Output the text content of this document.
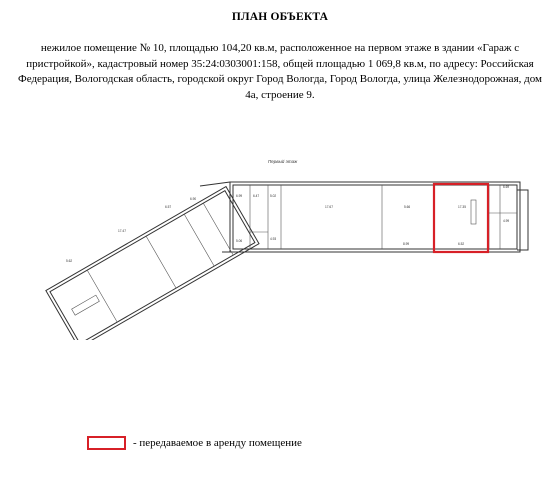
ПЛАН ОБЪЕКТА
нежилое помещение № 10, площадью 104,20 кв.м, расположенное на первом этаже в здании «Гараж с пристройкой», кадастровый номер 35:24:0303001:158, общей площадью 1 069,8 кв.м, по адресу: Российская Федерация, Вологодская область, городской округ Город Вологда, Город Вологда, улица Железнодорожная, дом 4а, строение 9.
Первый этаж
6.99	6.47	5.02
17.67
5.06	4.93
5.66	17.35
6.69
4.99
17.47
6.57
6.90
5.62
6.52
8.99
- передаваемое в аренду помещение
